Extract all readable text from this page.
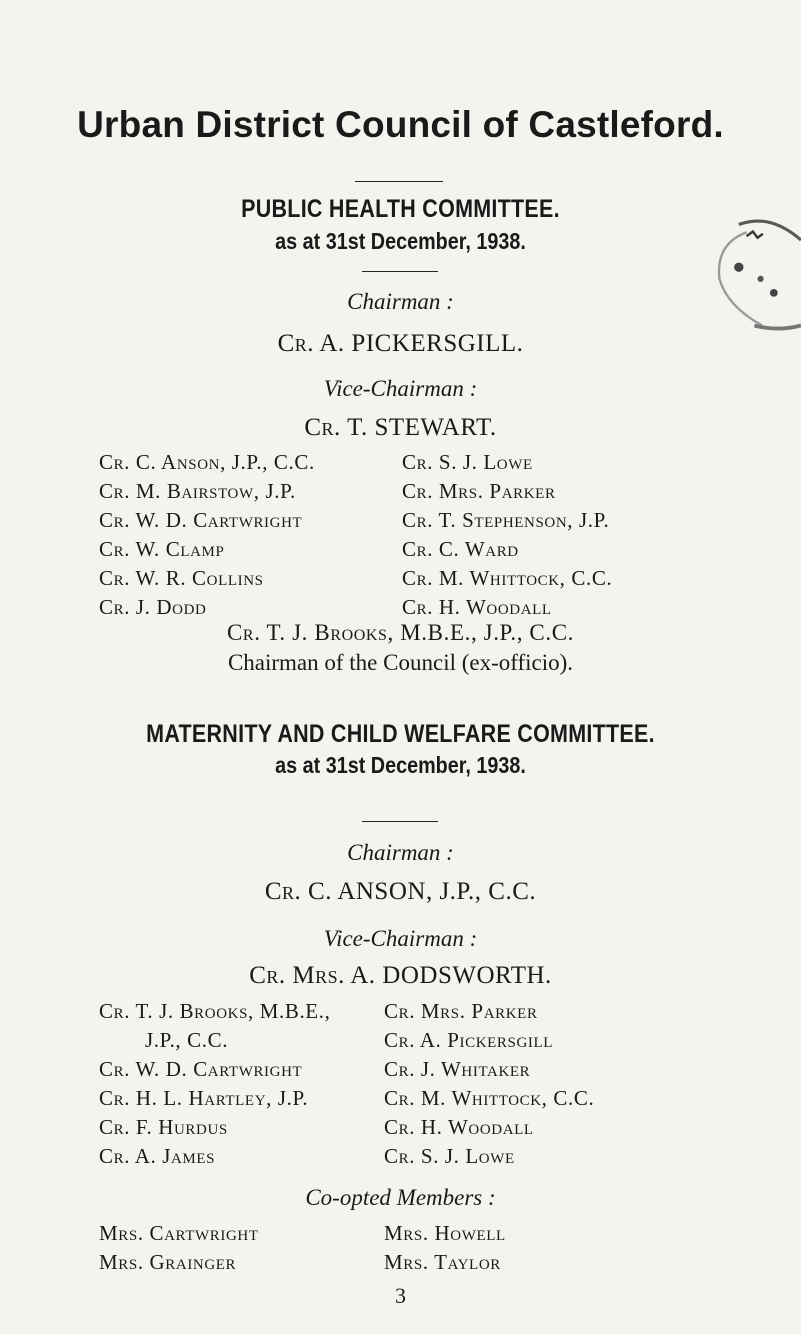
Urban District Council of Castleford.
PUBLIC HEALTH COMMITTEE.
as at 31st December, 1938.
Chairman :
Cr. A. PICKERSGILL.
Vice-Chairman :
Cr. T. STEWART.
Cr. C. Anson, J.P., C.C.
Cr. M. Bairstow, J.P.
Cr. W. D. Cartwright
Cr. W. Clamp
Cr. W. R. Collins
Cr. J. Dodd
Cr. S. J. Lowe
Cr. Mrs. Parker
Cr. T. Stephenson, J.P.
Cr. C. Ward
Cr. M. Whittock, C.C.
Cr. H. Woodall
Cr. T. J. Brooks, M.B.E., J.P., C.C.
Chairman of the Council (ex-officio).
MATERNITY AND CHILD WELFARE COMMITTEE.
as at 31st December, 1938.
Chairman :
Cr. C. ANSON, J.P., C.C.
Vice-Chairman :
Cr. Mrs. A. DODSWORTH.
Cr. T. J. Brooks, M.B.E.,
J.P., C.C.
Cr. W. D. Cartwright
Cr. H. L. Hartley, J.P.
Cr. F. Hurdus
Cr. A. James
Cr. Mrs. Parker
Cr. A. Pickersgill
Cr. J. Whitaker
Cr. M. Whittock, C.C.
Cr. H. Woodall
Cr. S. J. Lowe
Co-opted Members :
Mrs. Cartwright
Mrs. Grainger
Mrs. Howell
Mrs. Taylor
3
